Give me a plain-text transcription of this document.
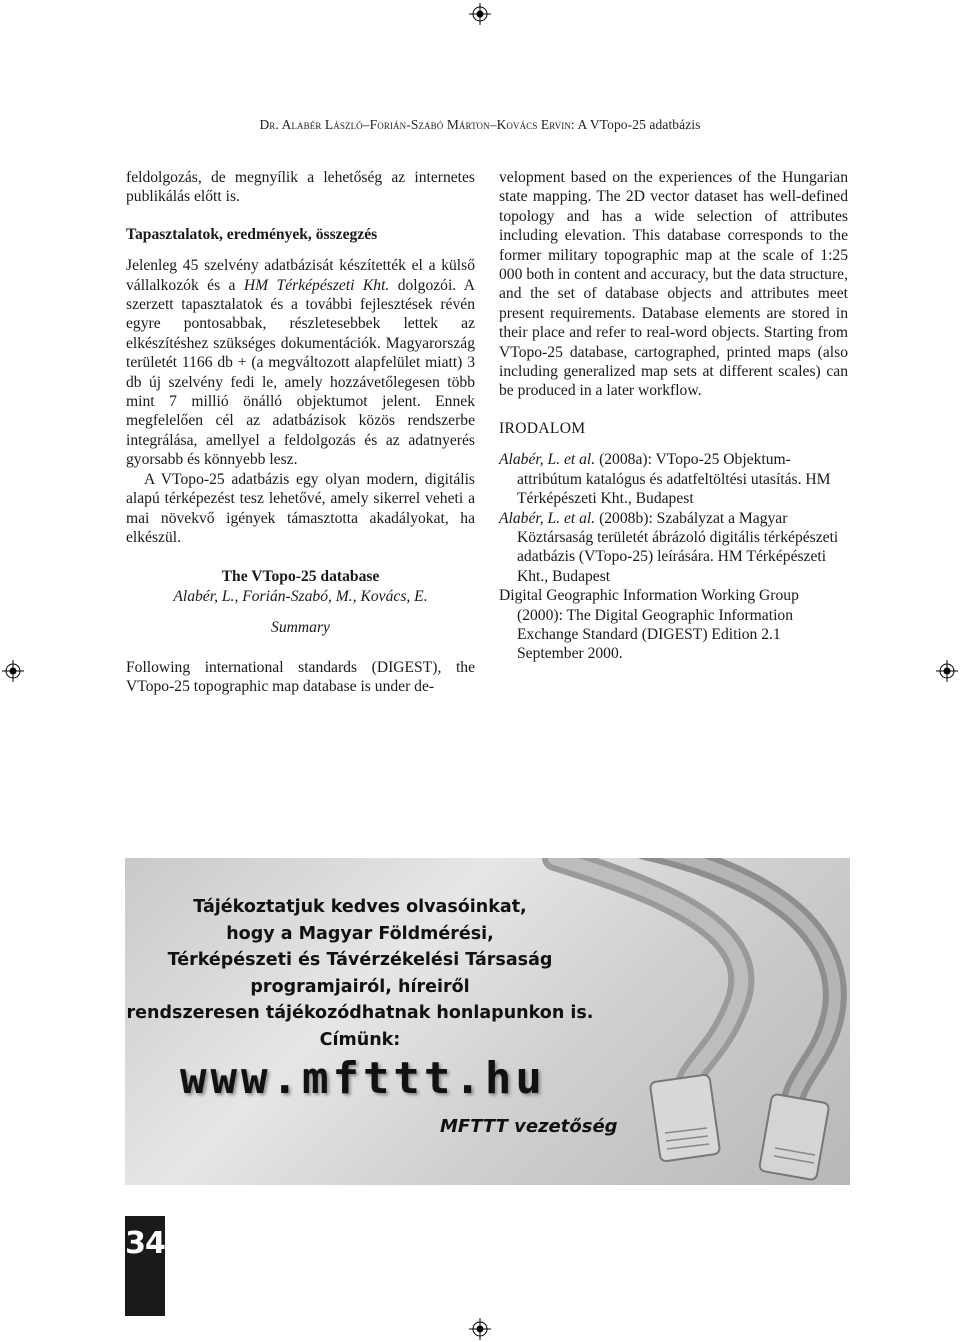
Dr. Alabér László–Forián-Szabó Márton–Kovács Ervin: A VTopo-25 adatbázis

feldolgozás, de megnyílik a lehetőség az internetes publikálás előtt is.

Tapasztalatok, eredmények, összegzés

Jelenleg 45 szelvény adatbázisát készítették el a külső vállalkozók és a HM Térképészeti Kht. dolgozói. A szerzett tapasztalatok és a további fejlesztések révén egyre pontosabbak, részletesebbek lettek az elkészítéshez szükséges dokumentációk. Magyarország területét 1166 db + (a megváltozott alapfelület miatt) 3 db új szelvény fedi le, amely hozzávetőlegesen több mint 7 millió önálló objektumot jelent. Ennek megfelelően cél az adatbázisok közös rendszerbe integrálása, amellyel a feldolgozás és az adatnyerés gyorsabb és könnyebb lesz.

A VTopo-25 adatbázis egy olyan modern, digitális alapú térképezést tesz lehetővé, amely sikerrel veheti a mai növekvő igények támasztotta akadályokat, ha elkészül.

The VTopo-25 database

Alabér, L., Forián-Szabó, M., Kovács, E.

Summary

Following international standards (DIGEST), the VTopo-25 topographic map database is under de-

velopment based on the experiences of the Hungarian state mapping. The 2D vector dataset has well-defined topology and has a wide selection of attributes including elevation. This database corresponds to the former military topographic map at the scale of 1:25 000 both in content and accuracy, but the data structure, and the set of database objects and attributes meet present requirements. Database elements are stored in their place and refer to real-word objects. Starting from VTopo-25 database, cartographed, printed maps (also including generalized map sets at different scales) can be produced in a later workflow.

IRODALOM

Alabér, L. et al. (2008a): VTopo-25 Objektum-attribútum katalógus és adatfeltöltési utasítás. HM Térképészeti Kht., Budapest

Alabér, L. et al. (2008b): Szabályzat a Magyar Köztársaság területét ábrázoló digitális térképészeti adatbázis (VTopo-25) leírására. HM Térképészeti Kht., Budapest

Digital Geographic Information Working Group (2000): The Digital Geographic Information Exchange Standard (DIGEST) Edition 2.1 September 2000.

Tájékoztatjuk kedves olvasóinkat,
hogy a Magyar Földmérési,
Térképészeti és Távérzékelési Társaság
programjairól, híreiről
rendszeresen tájékozódhatnak honlapunkon is.
Címünk:
www.mfttt.hu
MFTTT vezetőség
34
